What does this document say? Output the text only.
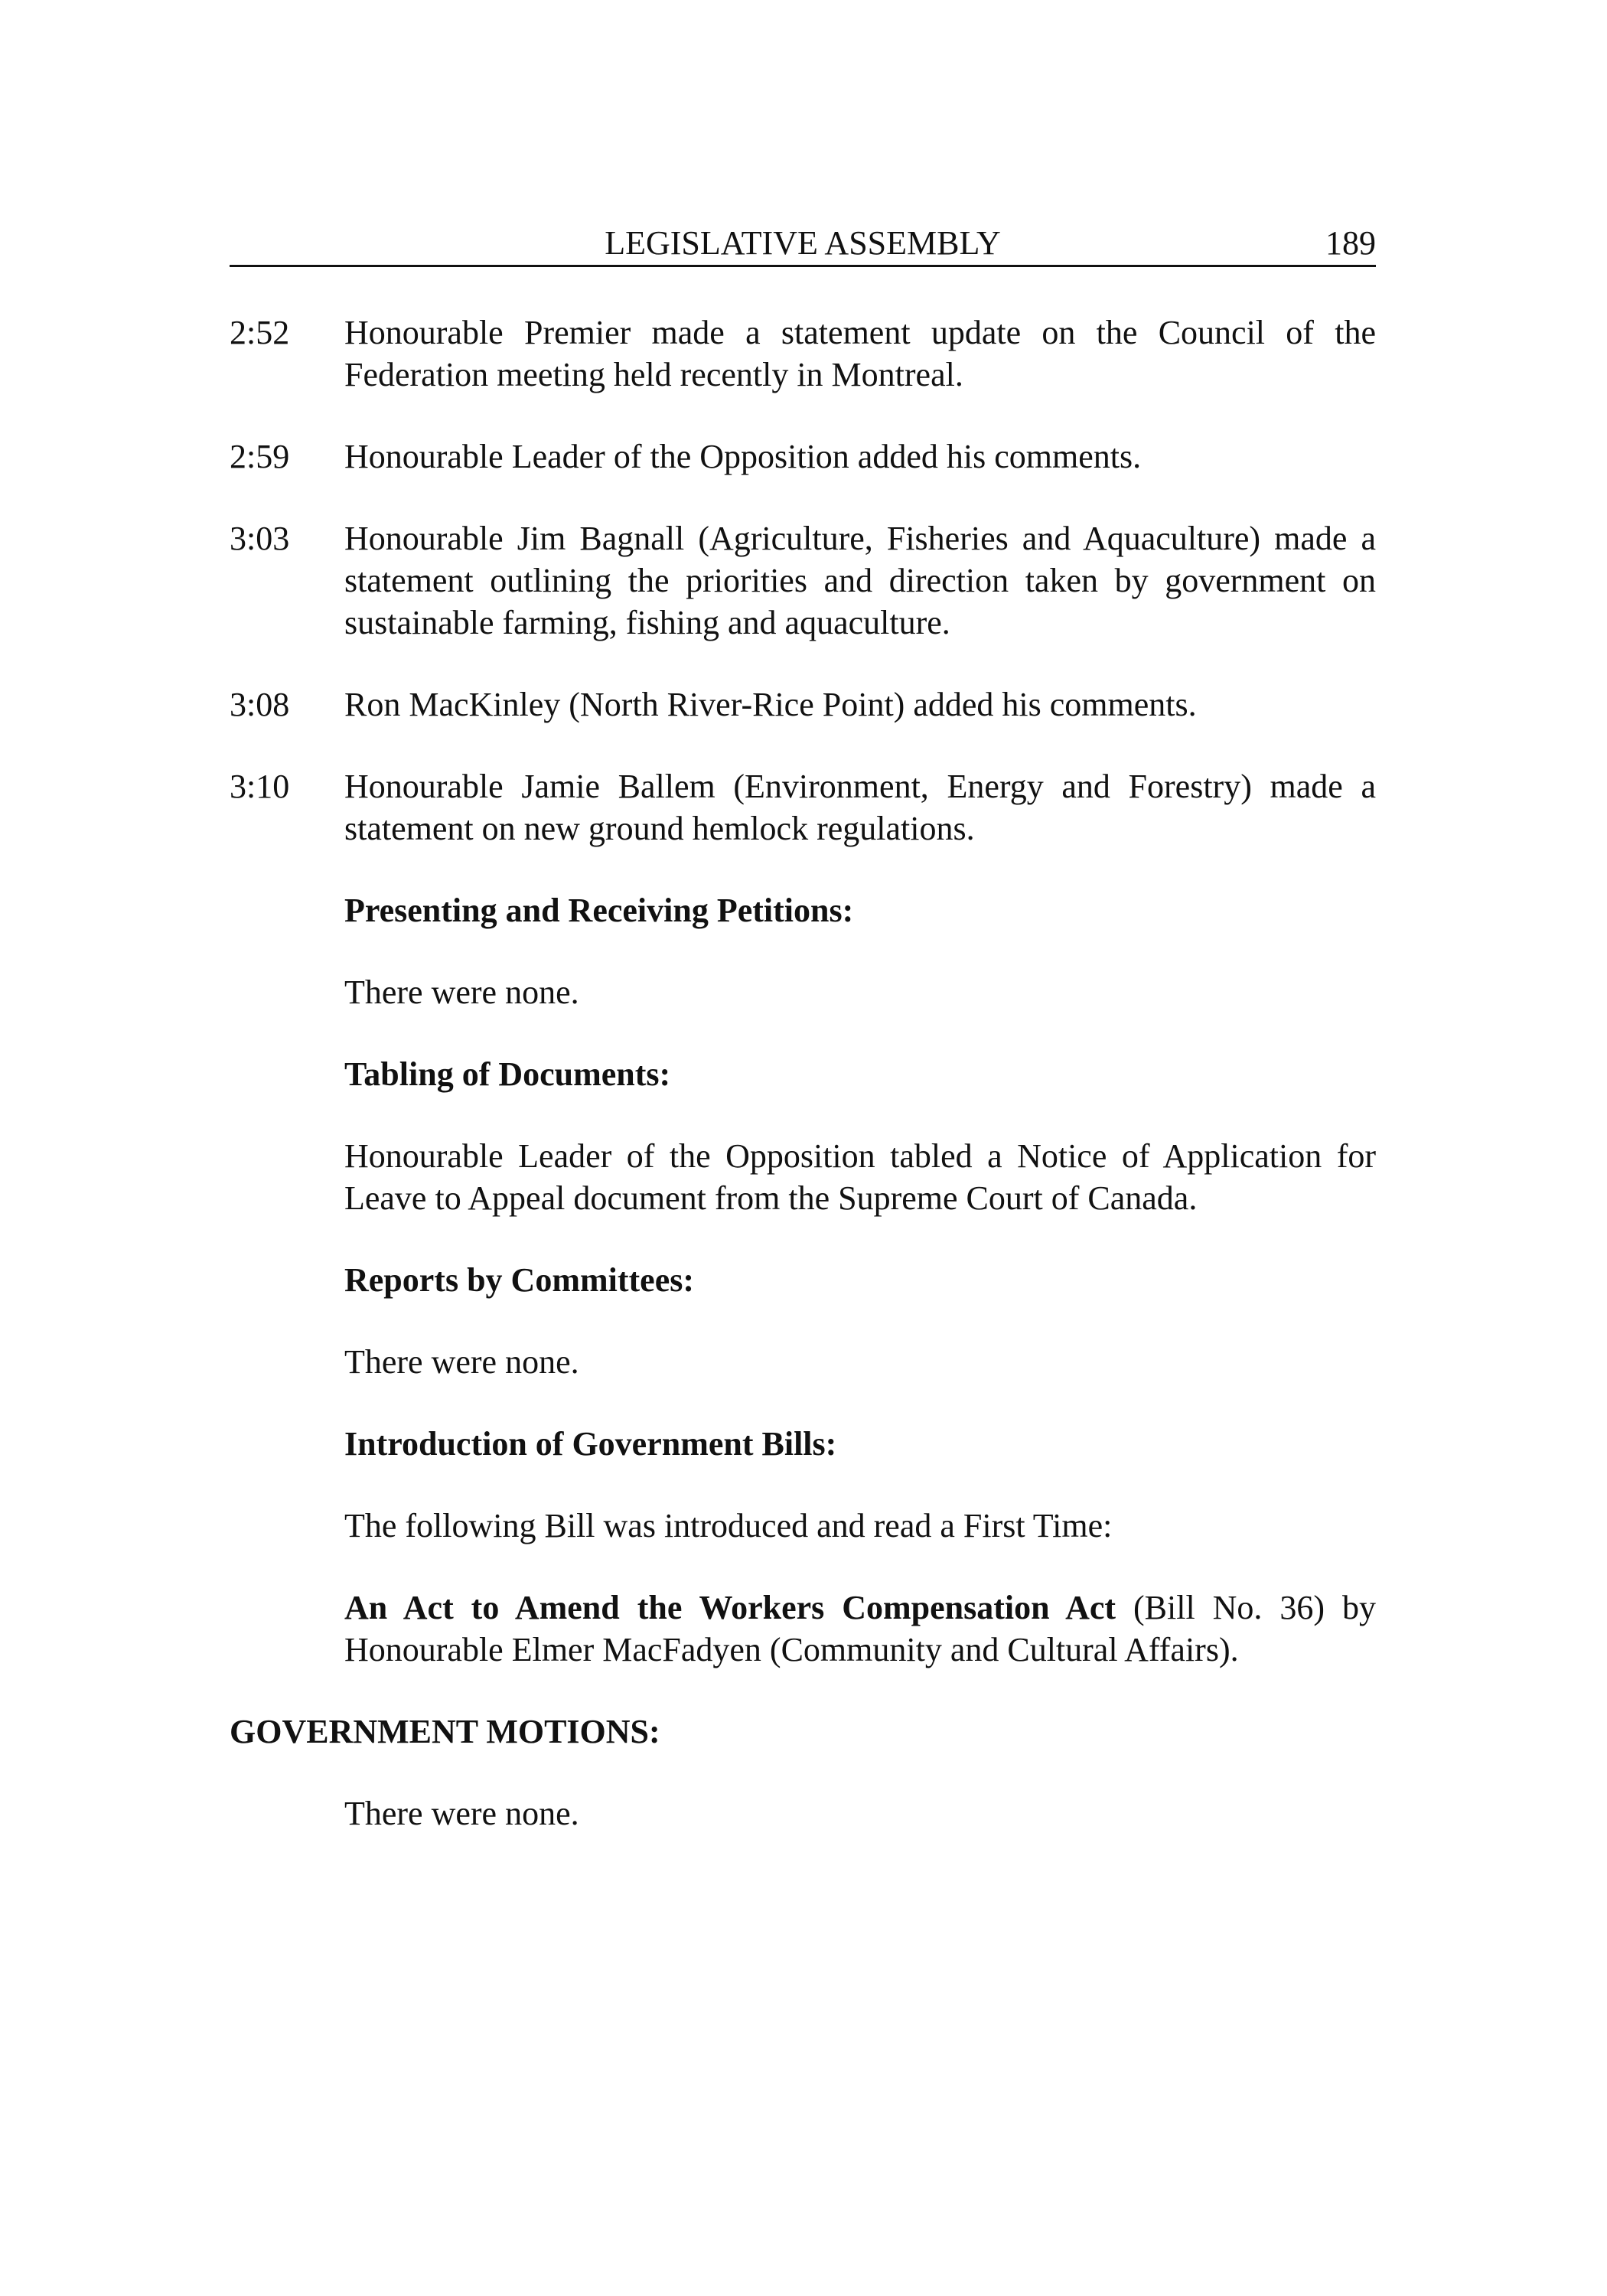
LEGISLATIVE ASSEMBLY	189
2:52 Honourable Premier made a statement update on the Council of the Federation meeting held recently in Montreal.
2:59 Honourable Leader of the Opposition added his comments.
3:03 Honourable Jim Bagnall (Agriculture, Fisheries and Aquaculture) made a statement outlining the priorities and direction taken by government on sustainable farming, fishing and aquaculture.
3:08 Ron MacKinley (North River-Rice Point) added his comments.
3:10 Honourable Jamie Ballem (Environment, Energy and Forestry) made a statement on new ground hemlock regulations.
Presenting and Receiving Petitions:
There were none.
Tabling of Documents:
Honourable Leader of the Opposition tabled a Notice of Application for Leave to Appeal document from the Supreme Court of Canada.
Reports by Committees:
There were none.
Introduction of Government Bills:
The following Bill was introduced and read a First Time:
An Act to Amend the Workers Compensation Act (Bill No. 36) by Honourable Elmer MacFadyen (Community and Cultural Affairs).
GOVERNMENT MOTIONS:
There were none.
